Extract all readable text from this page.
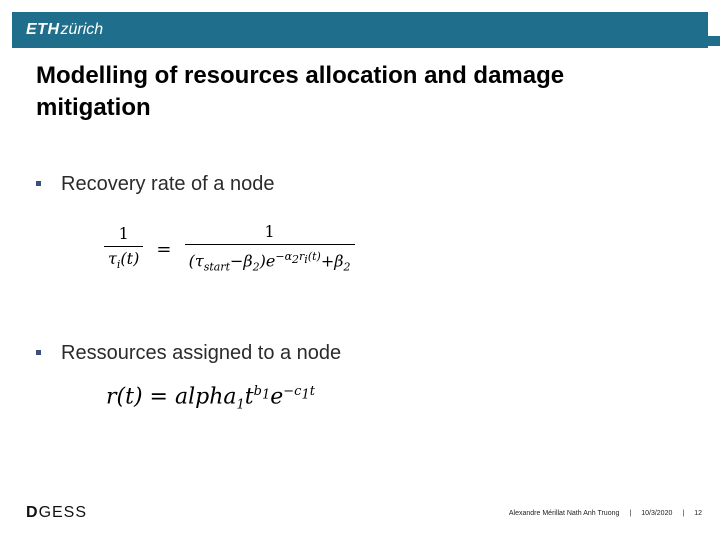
ETHzürich
Modelling of resources allocation and damage mitigation
Recovery rate of a node
$\frac{1}{\tau_i(t)} = \frac{1}{(\tau_{start}-\beta_2)e^{-\alpha_2r_i(t)}+\beta_2}$
Ressources assigned to a node
$r(t) = alpha_1t^{b_1}e^{-c_1t}$
DGESS	Alexandre Mérillat Nath Anh Truong | 10/3/2020 | 12
